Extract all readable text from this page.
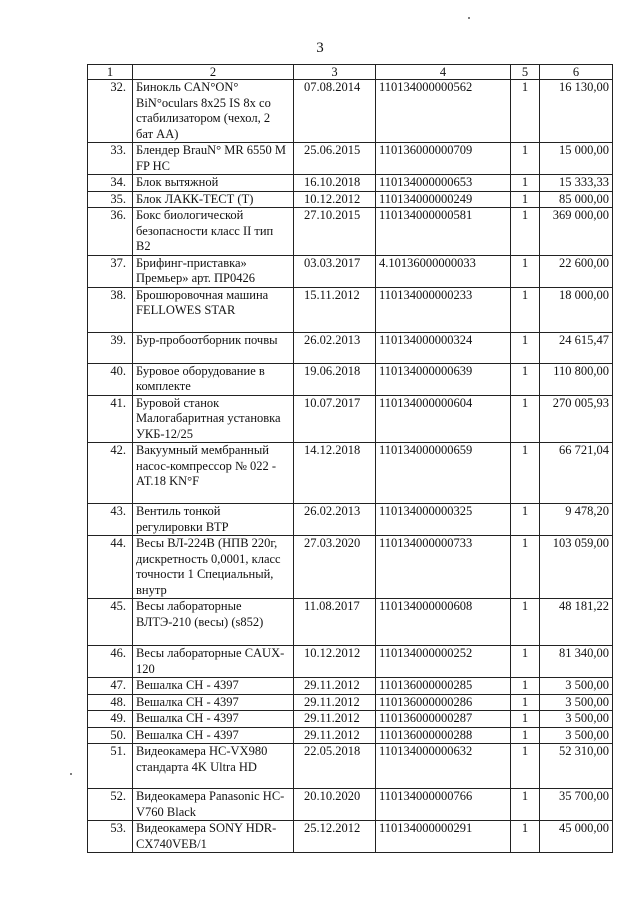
3
1	2	3	4	5	6
32.	Бинокль CAN°ON° BiN°oculars 8x25 IS 8x со стабилизатором (чехол, 2 бат AA)	07.08.2014	110134000000562	1	16 130,00
33.	Блендер BrauN° MR 6550 M FP HC	25.06.2015	110136000000709	1	15 000,00
34.	Блок вытяжной	16.10.2018	110134000000653	1	15 333,33
35.	Блок ЛАКК-ТЕСТ (Т)	10.12.2012	110134000000249	1	85 000,00
36.	Бокс биологической безопасности класс II тип B2	27.10.2015	110134000000581	1	369 000,00
37.	Брифинг-приставка» Премьер» арт. ПР0426	03.03.2017	4.10136000000033	1	22 600,00
38.	Брошюровочная машина FELLOWES STAR	15.11.2012	110134000000233	1	18 000,00
39.	Бур-пробоотборник почвы	26.02.2013	110134000000324	1	24 615,47
40.	Буровое оборудование в комплекте	19.06.2018	110134000000639	1	110 800,00
41.	Буровой станок Малогабаритная установка УКБ-12/25	10.07.2017	110134000000604	1	270 005,93
42.	Вакуумный мембранный насос-компрессор № 022 - АТ.18 KN°F	14.12.2018	110134000000659	1	66 721,04
43.	Вентиль тонкой регулировки ВТР	26.02.2013	110134000000325	1	9 478,20
44.	Весы ВЛ-224В (НПВ 220г, дискретность 0,0001, класс точности 1 Специальный, внутр	27.03.2020	110134000000733	1	103 059,00
45.	Весы лабораторные ВЛТЭ-210 (весы) (s852)	11.08.2017	110134000000608	1	48 181,22
46.	Весы лабораторные CAUX-120	10.12.2012	110134000000252	1	81 340,00
47.	Вешалка СН - 4397	29.11.2012	110136000000285	1	3 500,00
48.	Вешалка СН - 4397	29.11.2012	110136000000286	1	3 500,00
49.	Вешалка СН - 4397	29.11.2012	110136000000287	1	3 500,00
50.	Вешалка СН - 4397	29.11.2012	110136000000288	1	3 500,00
51.	Видеокамера HC-VX980 стандарта 4K Ultra HD	22.05.2018	110134000000632	1	52 310,00
52.	Видеокамера Panasonic HC-V760 Black	20.10.2020	110134000000766	1	35 700,00
53.	Видеокамера SONY HDR-CX740VEB/1	25.12.2012	110134000000291	1	45 000,00
